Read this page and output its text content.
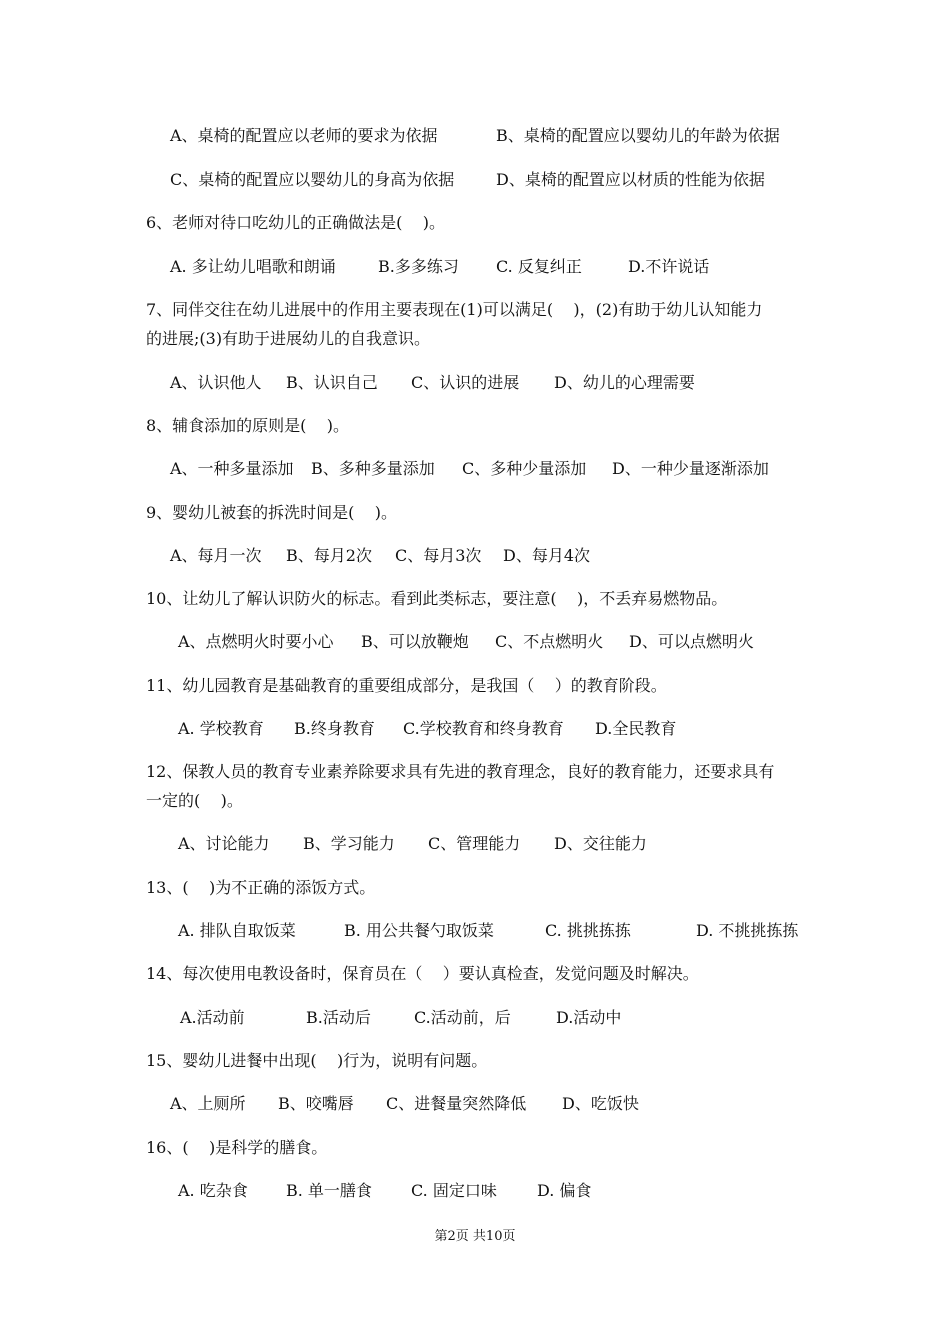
A、桌椅的配置应以老师的要求为依据

	B、桌椅的配置应以婴幼儿的年龄为依据

C、桌椅的配置应以婴幼儿的身高为依据

	D、桌椅的配置应以材质的性能为依据

6、老师对待口吃幼儿的正确做法是(    )。

A. 多让幼儿唱歌和朗诵

	B.多多练习

C. 反复纠正

	D.不许说话

7、同伴交往在幼儿进展中的作用主要表现在(1)可以满足(    )，(2)有助于幼儿认知能力
的进展;(3)有助于进展幼儿的自我意识。

A、认识他人

B、认识自己

C、认识的进展

D、幼儿的心理需要

8、辅食添加的原则是(    )。

A、一种多量添加

B、多种多量添加

C、多种少量添加

D、一种少量逐渐添加

9、婴幼儿被套的拆洗时间是(    )。

A、每月一次

B、每月2次

C、每月3次

D、每月4次

10、让幼儿了解认识防火的标志。看到此类标志，要注意(    )，不丢弃易燃物品。

A、点燃明火时要小心

B、可以放鞭炮

C、不点燃明火

D、可以点燃明火

11、幼儿园教育是基础教育的重要组成部分，是我国（    ）的教育阶段。

A. 学校教育

B.终身教育

C.学校教育和终身教育

D.全民教育

12、保教人员的教育专业素养除要求具有先进的教育理念，良好的教育能力，还要求具有
一定的(    )。

A、讨论能力

B、学习能力

C、管理能力

D、交往能力

13、(    )为不正确的添饭方式。

A. 排队自取饭菜

	B. 用公共餐勺取饭菜

	C. 挑挑拣拣

	D. 不挑挑拣拣

14、每次使用电教设备时，保育员在（    ）要认真检查，发觉问题及时解决。

A.活动前

	B.活动后

	C.活动前，后

	D.活动中

15、婴幼儿进餐中出现(    )行为，说明有问题。

A、上厕所

B、咬嘴唇

C、进餐量突然降低

D、吃饭快

16、(    )是科学的膳食。

A. 吃杂食

B. 单一膳食

C. 固定口味

	D. 偏食

第2页 共10页
